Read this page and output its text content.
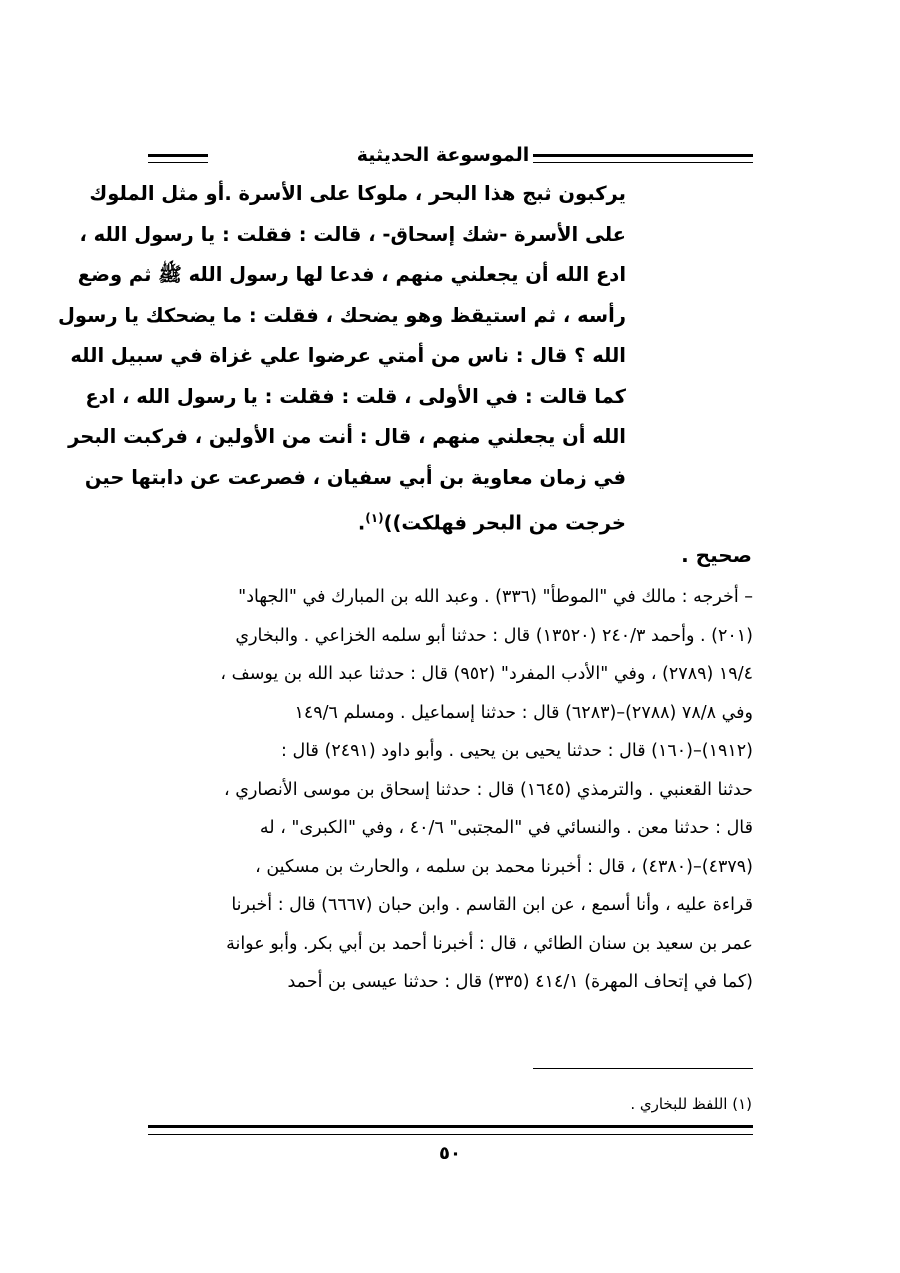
الموسوعة الحديثية
يركبون ثبج هذا البحر ، ملوكا على الأسرة .أو مثل الملوك
على الأسرة -شك إسحاق- ، قالت : فقلت : يا رسول الله ،
ادع الله أن يجعلني منهم ، فدعا لها رسول الله ﷺ ثم وضع
رأسه ، ثم استيقظ وهو يضحك ، فقلت : ما يضحكك يا رسول
الله ؟ قال : ناس من أمتي عرضوا علي غزاة في سبيل الله
كما قالت : في الأولى ، قلت : فقلت : يا رسول الله ، ادع
الله أن يجعلني منهم ، قال : أنت من الأولين ، فركبت البحر
في زمان معاوية بن أبي سفيان ، فصرعت عن دابتها حين
خرجت من البحر فهلكت))$^{(١)}$.
صحيح .
– أخرجه : مالك في "الموطأ" (٣٣٦) . وعبد الله بن المبارك في "الجهاد"
(٢٠١) . وأحمد ٢٤٠/٣ (١٣٥٢٠) قال : حدثنا أبو سلمه الخزاعي . والبخاري
١٩/٤ (٢٧٨٩) ، وفي "الأدب المفرد" (٩٥٢) قال : حدثنا عبد الله بن يوسف ،
وفي ٧٨/٨ (٢٧٨٨)–(٦٢٨٣) قال : حدثنا إسماعيل . ومسلم ١٤٩/٦
(١٩١٢)–(١٦٠) قال : حدثنا يحيى بن يحيى . وأبو داود (٢٤٩١) قال :
حدثنا القعنبي . والترمذي (١٦٤٥) قال : حدثنا إسحاق بن موسى الأنصاري ،
قال : حدثنا معن . والنسائي في "المجتبى" ٤٠/٦ ، وفي "الكبرى" ، له
(٤٣٧٩)–(٤٣٨٠) ، قال : أخبرنا محمد بن سلمه ، والحارث بن مسكين ،
قراءة عليه ، وأنا أسمع ، عن ابن القاسم . وابن حبان (٦٦٦٧) قال : أخبرنا
عمر بن سعيد بن سنان الطائي ، قال : أخبرنا أحمد بن أبي بكر. وأبو عوانة
(كما في إتحاف المهرة) ٤١٤/١ (٣٣٥) قال : حدثنا عيسى بن أحمد
(١) اللفظ للبخاري .
٥٠
